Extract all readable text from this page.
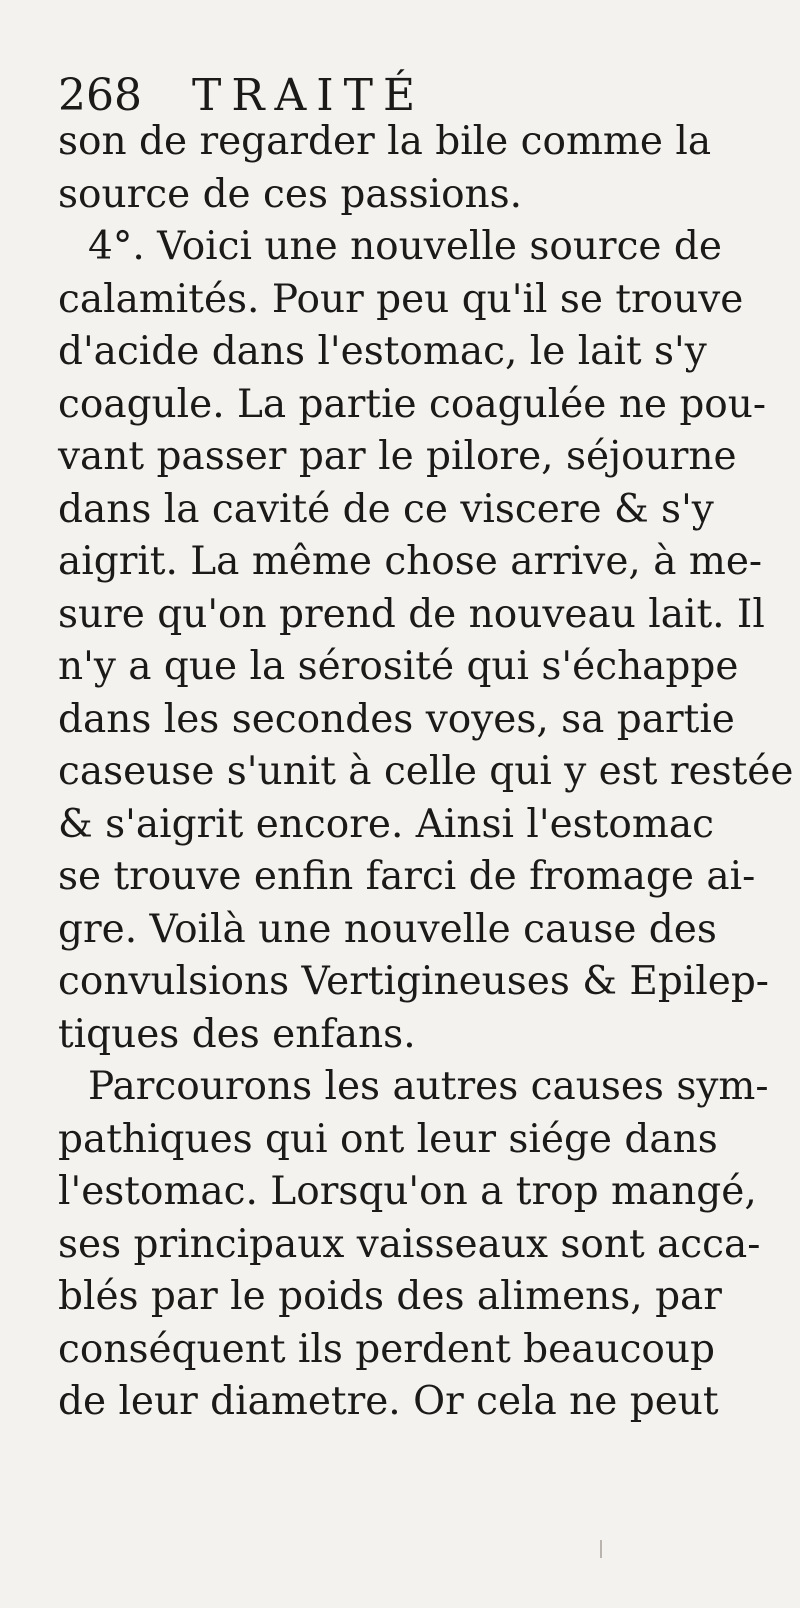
268 TRAITÉ
son de regarder la bile comme la
source de ces passions.
4°. Voici une nouvelle source de
calamités. Pour peu qu'il se trouve
d'acide dans l'estomac, le lait s'y
coagule. La partie coagulée ne pou-
vant passer par le pilore, séjourne
dans la cavité de ce viscere & s'y
aigrit. La même chose arrive, à me-
sure qu'on prend de nouveau lait. Il
n'y a que la sérosité qui s'échappe
dans les secondes voyes, sa partie
caseuse s'unit à celle qui y est restée
& s'aigrit encore. Ainsi l'estomac
se trouve enfin farci de fromage ai-
gre. Voilà une nouvelle cause des
convulsions Vertigineuses & Epilep-
tiques des enfans.
Parcourons les autres causes sym-
pathiques qui ont leur siége dans
l'estomac. Lorsqu'on a trop mangé,
ses principaux vaisseaux sont acca-
blés par le poids des alimens, par
conséquent ils perdent beaucoup
de leur diametre. Or cela ne peut
